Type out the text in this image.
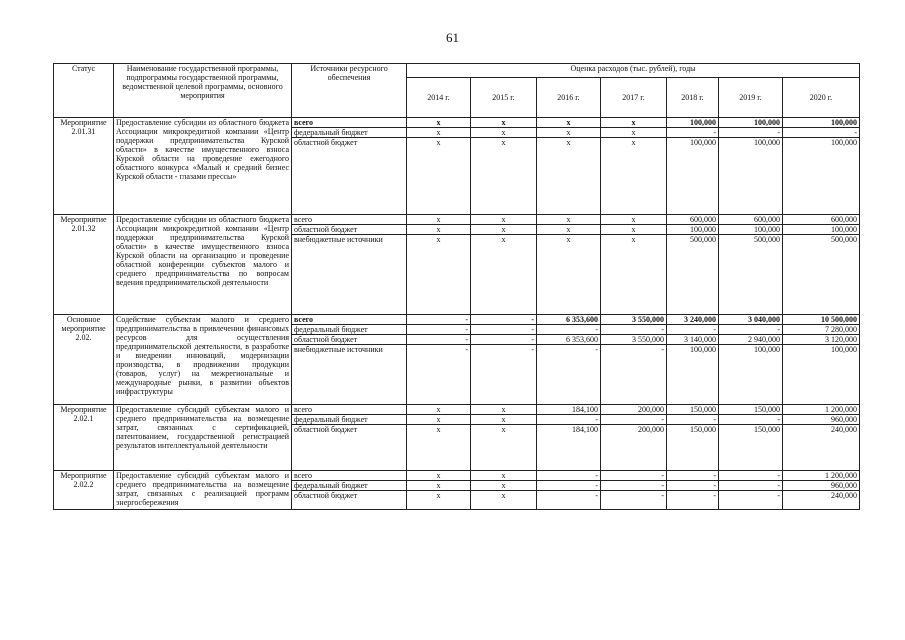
61
Статус	Наименование государственной программы, подпрограммы государственной программы, ведомственной целевой программы, основного мероприятия	Источники ресурсного обеспечения	Оценка расходов (тыс. рублей), годы						
			2014 г.	2015 г.	2016 г.	2017 г.	2018 г.	2019 г.	2020 г.
Мероприятие 2.01.31	Предоставление субсидии из областного бюджета Ассоциации микрокредитной компании «Центр поддержки предпринимательства Курской области» в качестве имущественного взноса Курской области на проведение ежегодного областного конкурса «Малый и средний бизнес Курской области - глазами прессы»	всего	x	x	x	x	100,000	100,000	100,000
		федеральный бюджет	x	x	x	x	-	-	-
		областной бюджет	x	x	x	x	100,000	100,000	100,000
Мероприятие 2.01.32	Предоставление субсидии из областного бюджета Ассоциации микрокредитной компании «Центр поддержки предпринимательства Курской области» в качестве имущественного взноса Курской области на организацию и проведение областной конференции субъектов малого и среднего предпринимательства по вопросам ведения предпринимательской деятельности	всего	x	x	x	x	600,000	600,000	600,000
		областной бюджет	x	x	x	x	100,000	100,000	100,000
		внебюджетные источники	x	x	x	x	500,000	500,000	500,000
Основное мероприятие 2.02.	Содействие субъектам малого и среднего предпринимательства в привлечении финансовых ресурсов для осуществления предпринимательской деятельности, в разработке и внедрении инноваций, модернизации производства, в продвижении продукции (товаров, услуг) на межрегиональные и международные рынки, в развитии объектов инфраструктуры	всего	-	-	6 353,600	3 550,000	3 240,000	3 040,000	10 500,000
		федеральный бюджет	-	-	-	-	-	-	7 280,000
		областной бюджет	-	-	6 353,600	3 550,000	3 140,000	2 940,000	3 120,000
		внебюджетные источники	-	-	-	-	100,000	100,000	100,000
Мероприятие 2.02.1	Предоставление субсидий субъектам малого и среднего предпринимательства на возмещение затрат, связанных с сертификацией, патентованием, государственной регистрацией результатов интеллектуальной деятельности	всего	x	x	184,100	200,000	150,000	150,000	1 200,000
		федеральный бюджет	x	x	-	-	-	-	960,000
		областной бюджет	x	x	184,100	200,000	150,000	150,000	240,000
Мероприятие 2.02.2	Предоставление субсидий субъектам малого и среднего предпринимательства на возмещение затрат, связанных с реализацией программ энергосбережения	всего	x	x	-	-	-	-	1 200,000
		федеральный бюджет	x	x	-	-	-	-	960,000
		областной бюджет	x	x	-	-	-	-	240,000
